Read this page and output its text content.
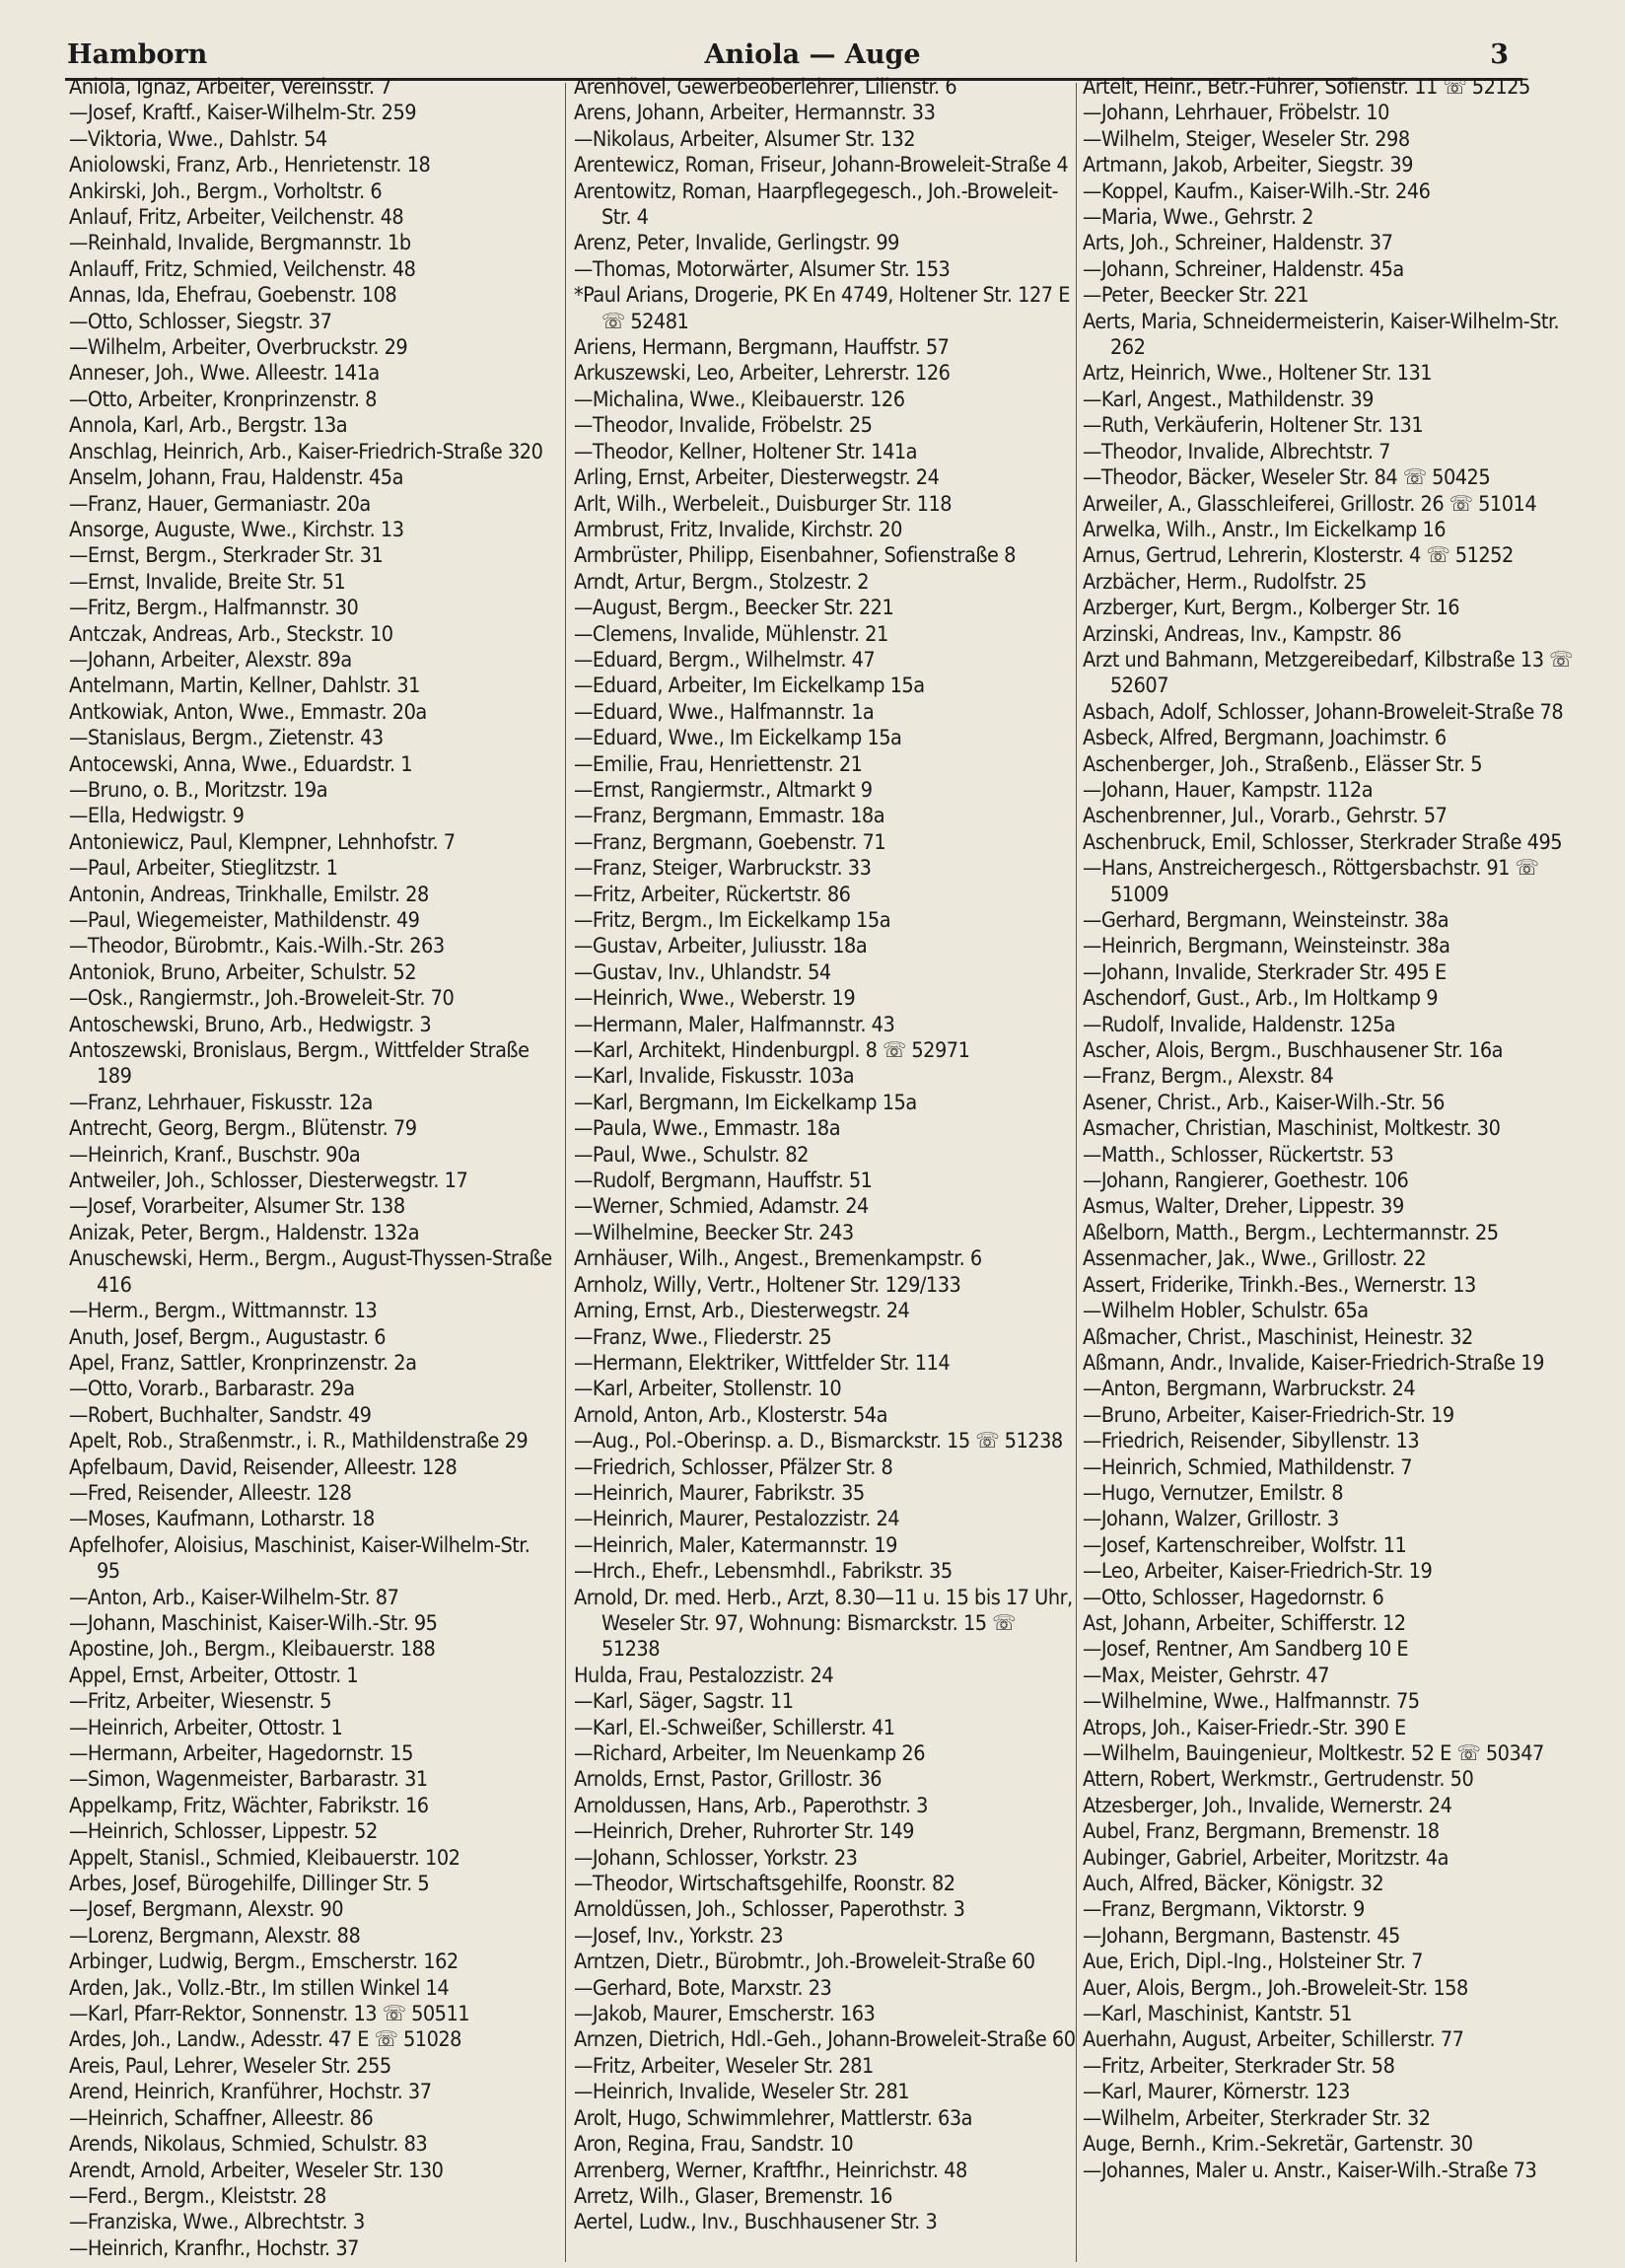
Hamborn	Aniola — Auge	3
Aniola, Ignaz, Arbeiter, Vereinsstr. 7
—Josef, Kraftf., Kaiser-Wilhelm-Str. 259
—Viktoria, Wwe., Dahlstr. 54
Aniolowski, Franz, Arb., Henrietenstr. 18
Ankirski, Joh., Bergm., Vorholtstr. 6
Anlauf, Fritz, Arbeiter, Veilchenstr. 48
—Reinhald, Invalide, Bergmannstr. 1b
Anlauff, Fritz, Schmied, Veilchenstr. 48
Annas, Ida, Ehefrau, Goebenstr. 108
—Otto, Schlosser, Siegstr. 37
—Wilhelm, Arbeiter, Overbruckstr. 29
Anneser, Joh., Wwe. Alleestr. 141a
—Otto, Arbeiter, Kronprinzenstr. 8
Annola, Karl, Arb., Bergstr. 13a
Anschlag, Heinrich, Arb., Kaiser-Friedrich-Straße 320
Anselm, Johann, Frau, Haldenstr. 45a
—Franz, Hauer, Germaniastr. 20a
Ansorge, Auguste, Wwe., Kirchstr. 13
—Ernst, Bergm., Sterkrader Str. 31
—Ernst, Invalide, Breite Str. 51
—Fritz, Bergm., Halfmannstr. 30
Antczak, Andreas, Arb., Steckstr. 10
—Johann, Arbeiter, Alexstr. 89a
Antelmann, Martin, Kellner, Dahlstr. 31
Antkowiak, Anton, Wwe., Emmastr. 20a
—Stanislaus, Bergm., Zietenstr. 43
Antocewski, Anna, Wwe., Eduardstr. 1
—Bruno, o. B., Moritzstr. 19a
—Ella, Hedwigstr. 9
Antoniewicz, Paul, Klempner, Lehnhofstr. 7
—Paul, Arbeiter, Stieglitzstr. 1
Antonin, Andreas, Trinkhalle, Emilstr. 28
—Paul, Wiegemeister, Mathildenstr. 49
—Theodor, Bürobmtr., Kais.-Wilh.-Str. 263
Antoniok, Bruno, Arbeiter, Schulstr. 52
—Osk., Rangiermstr., Joh.-Broweleit-Str. 70
Antoschewski, Bruno, Arb., Hedwigstr. 3
Antoszewski, Bronislaus, Bergm., Wittfelder Straße 189
—Franz, Lehrhauer, Fiskusstr. 12a
Antrecht, Georg, Bergm., Blütenstr. 79
—Heinrich, Kranf., Buschstr. 90a
Antweiler, Joh., Schlosser, Diesterwegstr. 17
—Josef, Vorarbeiter, Alsumer Str. 138
Anizak, Peter, Bergm., Haldenstr. 132a
Anuschewski, Herm., Bergm., August-Thyssen-Straße 416
—Herm., Bergm., Wittmannstr. 13
Anuth, Josef, Bergm., Augustastr. 6
Apel, Franz, Sattler, Kronprinzenstr. 2a
—Otto, Vorarb., Barbarastr. 29a
—Robert, Buchhalter, Sandstr. 49
Apelt, Rob., Straßenmstr., i. R., Mathildenstraße 29
Apfelbaum, David, Reisender, Alleestr. 128
—Fred, Reisender, Alleestr. 128
—Moses, Kaufmann, Lotharstr. 18
Apfelhofer, Aloisius, Maschinist, Kaiser-Wilhelm-Str. 95
—Anton, Arb., Kaiser-Wilhelm-Str. 87
—Johann, Maschinist, Kaiser-Wilh.-Str. 95
Apostine, Joh., Bergm., Kleibauerstr. 188
Appel, Ernst, Arbeiter, Ottostr. 1
—Fritz, Arbeiter, Wiesenstr. 5
—Heinrich, Arbeiter, Ottostr. 1
—Hermann, Arbeiter, Hagedornstr. 15
—Simon, Wagenmeister, Barbarastr. 31
Appelkamp, Fritz, Wächter, Fabrikstr. 16
—Heinrich, Schlosser, Lippestr. 52
Appelt, Stanisl., Schmied, Kleibauerstr. 102
Arbes, Josef, Bürogehilfe, Dillinger Str. 5
—Josef, Bergmann, Alexstr. 90
—Lorenz, Bergmann, Alexstr. 88
Arbinger, Ludwig, Bergm., Emscherstr. 162
Arden, Jak., Vollz.-Btr., Im stillen Winkel 14
—Karl, Pfarr-Rektor, Sonnenstr. 13 ☏ 50511
Ardes, Joh., Landw., Adesstr. 47 E ☏ 51028
Areis, Paul, Lehrer, Weseler Str. 255
Arend, Heinrich, Kranführer, Hochstr. 37
—Heinrich, Schaffner, Alleestr. 86
Arends, Nikolaus, Schmied, Schulstr. 83
Arendt, Arnold, Arbeiter, Weseler Str. 130
—Ferd., Bergm., Kleiststr. 28
—Franziska, Wwe., Albrechtstr. 3
—Heinrich, Kranfhr., Hochstr. 37
Arenhövel, Gewerbeoberlehrer, Lilienstr. 6
Arens, Johann, Arbeiter, Hermannstr. 33
—Nikolaus, Arbeiter, Alsumer Str. 132
Arentewicz, Roman, Friseur, Johann-Broweleit-Straße 4
Arentowitz, Roman, Haarpflegegesch., Joh.-Broweleit-Str. 4
Arenz, Peter, Invalide, Gerlingstr. 99
—Thomas, Motorwärter, Alsumer Str. 153
*Paul Arians, Drogerie, PK En 4749, Holtener Str. 127 E ☏ 52481
Ariens, Hermann, Bergmann, Hauffstr. 57
Arkuszewski, Leo, Arbeiter, Lehrerstr. 126
—Michalina, Wwe., Kleibauerstr. 126
—Theodor, Invalide, Fröbelstr. 25
—Theodor, Kellner, Holtener Str. 141a
Arling, Ernst, Arbeiter, Diesterwegstr. 24
Arlt, Wilh., Werbeleit., Duisburger Str. 118
Armbrust, Fritz, Invalide, Kirchstr. 20
Armbrüster, Philipp, Eisenbahner, Sofienstraße 8
Arndt, Artur, Bergm., Stolzestr. 2
—August, Bergm., Beecker Str. 221
—Clemens, Invalide, Mühlenstr. 21
—Eduard, Bergm., Wilhelmstr. 47
—Eduard, Arbeiter, Im Eickelkamp 15a
—Eduard, Wwe., Halfmannstr. 1a
—Eduard, Wwe., Im Eickelkamp 15a
—Emilie, Frau, Henriettenstr. 21
—Ernst, Rangiermstr., Altmarkt 9
—Franz, Bergmann, Emmastr. 18a
—Franz, Bergmann, Goebenstr. 71
—Franz, Steiger, Warbruckstr. 33
—Fritz, Arbeiter, Rückertstr. 86
—Fritz, Bergm., Im Eickelkamp 15a
—Gustav, Arbeiter, Juliusstr. 18a
—Gustav, Inv., Uhlandstr. 54
—Heinrich, Wwe., Weberstr. 19
—Hermann, Maler, Halfmannstr. 43
—Karl, Architekt, Hindenburgpl. 8 ☏ 52971
—Karl, Invalide, Fiskusstr. 103a
—Karl, Bergmann, Im Eickelkamp 15a
—Paula, Wwe., Emmastr. 18a
—Paul, Wwe., Schulstr. 82
—Rudolf, Bergmann, Hauffstr. 51
—Werner, Schmied, Adamstr. 24
—Wilhelmine, Beecker Str. 243
Arnhäuser, Wilh., Angest., Bremenkampstr. 6
Arnholz, Willy, Vertr., Holtener Str. 129/133
Arning, Ernst, Arb., Diesterwegstr. 24
—Franz, Wwe., Fliederstr. 25
—Hermann, Elektriker, Wittfelder Str. 114
—Karl, Arbeiter, Stollenstr. 10
Arnold, Anton, Arb., Klosterstr. 54a
—Aug., Pol.-Oberinsp. a. D., Bismarckstr. 15 ☏ 51238
—Friedrich, Schlosser, Pfälzer Str. 8
—Heinrich, Maurer, Fabrikstr. 35
—Heinrich, Maurer, Pestalozzistr. 24
—Heinrich, Maler, Katermannstr. 19
—Hrch., Ehefr., Lebensmhdl., Fabrikstr. 35
Arnold, Dr. med. Herb., Arzt, 8.30—11 u. 15 bis 17 Uhr, Weseler Str. 97, Wohnung: Bismarckstr. 15 ☏ 51238
Hulda, Frau, Pestalozzistr. 24
—Karl, Säger, Sagstr. 11
—Karl, El.-Schweißer, Schillerstr. 41
—Richard, Arbeiter, Im Neuenkamp 26
Arnolds, Ernst, Pastor, Grillostr. 36
Arnoldussen, Hans, Arb., Paperothstr. 3
—Heinrich, Dreher, Ruhrorter Str. 149
—Johann, Schlosser, Yorkstr. 23
—Theodor, Wirtschaftsgehilfe, Roonstr. 82
Arnoldüssen, Joh., Schlosser, Paperothstr. 3
—Josef, Inv., Yorkstr. 23
Arntzen, Dietr., Bürobmtr., Joh.-Broweleit-Straße 60
—Gerhard, Bote, Marxstr. 23
—Jakob, Maurer, Emscherstr. 163
Arnzen, Dietrich, Hdl.-Geh., Johann-Broweleit-Straße 60
—Fritz, Arbeiter, Weseler Str. 281
—Heinrich, Invalide, Weseler Str. 281
Arolt, Hugo, Schwimmlehrer, Mattlerstr. 63a
Aron, Regina, Frau, Sandstr. 10
Arrenberg, Werner, Kraftfhr., Heinrichstr. 48
Arretz, Wilh., Glaser, Bremenstr. 16
Aertel, Ludw., Inv., Buschhausener Str. 3
Artelt, Heinr., Betr.-Führer, Sofienstr. 11 ☏ 52125
—Johann, Lehrhauer, Fröbelstr. 10
—Wilhelm, Steiger, Weseler Str. 298
Artmann, Jakob, Arbeiter, Siegstr. 39
—Koppel, Kaufm., Kaiser-Wilh.-Str. 246
—Maria, Wwe., Gehrstr. 2
Arts, Joh., Schreiner, Haldenstr. 37
—Johann, Schreiner, Haldenstr. 45a
—Peter, Beecker Str. 221
Aerts, Maria, Schneidermeisterin, Kaiser-Wilhelm-Str. 262
Artz, Heinrich, Wwe., Holtener Str. 131
—Karl, Angest., Mathildenstr. 39
—Ruth, Verkäuferin, Holtener Str. 131
—Theodor, Invalide, Albrechtstr. 7
—Theodor, Bäcker, Weseler Str. 84 ☏ 50425
Arweiler, A., Glasschleiferei, Grillostr. 26 ☏ 51014
Arwelka, Wilh., Anstr., Im Eickelkamp 16
Arnus, Gertrud, Lehrerin, Klosterstr. 4 ☏ 51252
Arzbächer, Herm., Rudolfstr. 25
Arzberger, Kurt, Bergm., Kolberger Str. 16
Arzinski, Andreas, Inv., Kampstr. 86
Arzt und Bahmann, Metzgereibedarf, Kilbstraße 13 ☏ 52607
Asbach, Adolf, Schlosser, Johann-Broweleit-Straße 78
Asbeck, Alfred, Bergmann, Joachimstr. 6
Aschenberger, Joh., Straßenb., Elässer Str. 5
—Johann, Hauer, Kampstr. 112a
Aschenbrenner, Jul., Vorarb., Gehrstr. 57
Aschenbruck, Emil, Schlosser, Sterkrader Straße 495
—Hans, Anstreichergesch., Röttgersbachstr. 91 ☏ 51009
—Gerhard, Bergmann, Weinsteinstr. 38a
—Heinrich, Bergmann, Weinsteinstr. 38a
—Johann, Invalide, Sterkrader Str. 495 E
Aschendorf, Gust., Arb., Im Holtkamp 9
—Rudolf, Invalide, Haldenstr. 125a
Ascher, Alois, Bergm., Buschhausener Str. 16a
—Franz, Bergm., Alexstr. 84
Asener, Christ., Arb., Kaiser-Wilh.-Str. 56
Asmacher, Christian, Maschinist, Moltkestr. 30
—Matth., Schlosser, Rückertstr. 53
—Johann, Rangierer, Goethestr. 106
Asmus, Walter, Dreher, Lippestr. 39
Aßelborn, Matth., Bergm., Lechtermannstr. 25
Assenmacher, Jak., Wwe., Grillostr. 22
Assert, Friderike, Trinkh.-Bes., Wernerstr. 13
—Wilhelm Hobler, Schulstr. 65a
Aßmacher, Christ., Maschinist, Heinestr. 32
Aßmann, Andr., Invalide, Kaiser-Friedrich-Straße 19
—Anton, Bergmann, Warbruckstr. 24
—Bruno, Arbeiter, Kaiser-Friedrich-Str. 19
—Friedrich, Reisender, Sibyllenstr. 13
—Heinrich, Schmied, Mathildenstr. 7
—Hugo, Vernutzer, Emilstr. 8
—Johann, Walzer, Grillostr. 3
—Josef, Kartenschreiber, Wolfstr. 11
—Leo, Arbeiter, Kaiser-Friedrich-Str. 19
—Otto, Schlosser, Hagedornstr. 6
Ast, Johann, Arbeiter, Schifferstr. 12
—Josef, Rentner, Am Sandberg 10 E
—Max, Meister, Gehrstr. 47
—Wilhelmine, Wwe., Halfmannstr. 75
Atrops, Joh., Kaiser-Friedr.-Str. 390 E
—Wilhelm, Bauingenieur, Moltkestr. 52 E ☏ 50347
Attern, Robert, Werkmstr., Gertrudenstr. 50
Atzesberger, Joh., Invalide, Wernerstr. 24
Aubel, Franz, Bergmann, Bremenstr. 18
Aubinger, Gabriel, Arbeiter, Moritzstr. 4a
Auch, Alfred, Bäcker, Königstr. 32
—Franz, Bergmann, Viktorstr. 9
—Johann, Bergmann, Bastenstr. 45
Aue, Erich, Dipl.-Ing., Holsteiner Str. 7
Auer, Alois, Bergm., Joh.-Broweleit-Str. 158
—Karl, Maschinist, Kantstr. 51
Auerhahn, August, Arbeiter, Schillerstr. 77
—Fritz, Arbeiter, Sterkrader Str. 58
—Karl, Maurer, Körnerstr. 123
—Wilhelm, Arbeiter, Sterkrader Str. 32
Auge, Bernh., Krim.-Sekretär, Gartenstr. 30
—Johannes, Maler u. Anstr., Kaiser-Wilh.-Straße 73
